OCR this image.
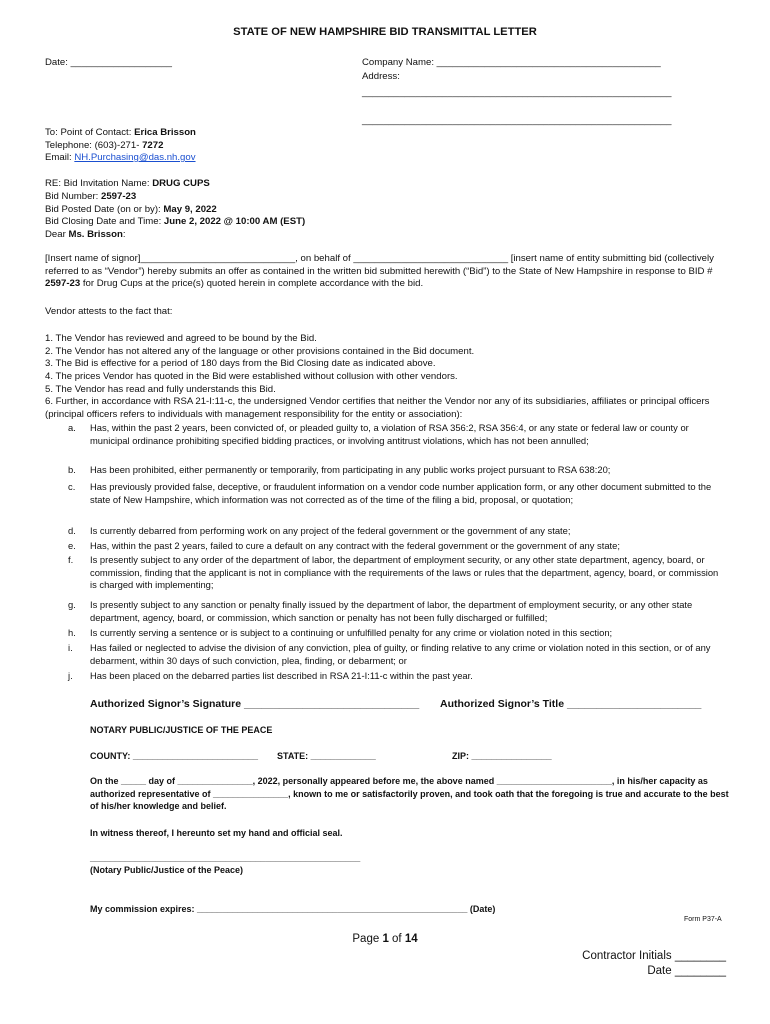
STATE OF NEW HAMPSHIRE BID TRANSMITTAL LETTER
Date: ___________________	Company Name: __________________________________________
Address:
__________________________________________________________
__________________________________________________________
To: Point of Contact: Erica Brisson
Telephone: (603)-271- 7272
Email: NH.Purchasing@das.nh.gov
RE: Bid Invitation Name: DRUG CUPS
Bid Number: 2597-23
Bid Posted Date (on or by): May 9, 2022
Bid Closing Date and Time: June 2, 2022 @ 10:00 AM (EST)
Dear Ms. Brisson:
[Insert name of signor]_____________________________, on behalf of _____________________________ [insert name of entity submitting bid (collectively referred to as “Vendor”) hereby submits an offer as contained in the written bid submitted herewith (“Bid”) to the State of New Hampshire in response to BID # 2597-23 for Drug Cups at the price(s) quoted herein in complete accordance with the bid.
Vendor attests to the fact that:
1. The Vendor has reviewed and agreed to be bound by the Bid.
2. The Vendor has not altered any of the language or other provisions contained in the Bid document.
3. The Bid is effective for a period of 180 days from the Bid Closing date as indicated above.
4. The prices Vendor has quoted in the Bid were established without collusion with other vendors.
5. The Vendor has read and fully understands this Bid.
6. Further, in accordance with RSA 21-I:11-c, the undersigned Vendor certifies that neither the Vendor nor any of its subsidiaries, affiliates or principal officers (principal officers refers to individuals with management responsibility for the entity or association):
a.	Has, within the past 2 years, been convicted of, or pleaded guilty to, a violation of RSA 356:2, RSA 356:4, or any state or federal law or county or municipal ordinance prohibiting specified bidding practices, or involving antitrust violations, which has not been annulled;
b.	Has been prohibited, either permanently or temporarily, from participating in any public works project pursuant to RSA 638:20;
c.	Has previously provided false, deceptive, or fraudulent information on a vendor code number application form, or any other document submitted to the state of New Hampshire, which information was not corrected as of the time of the filing a bid, proposal, or quotation;
d.	Is currently debarred from performing work on any project of the federal government or the government of any state;
e.	Has, within the past 2 years, failed to cure a default on any contract with the federal government or the government of any state;
f.	Is presently subject to any order of the department of labor, the department of employment security, or any other state department, agency, board, or commission, finding that the applicant is not in compliance with the requirements of the laws or rules that the department, agency, board, or commission is charged with implementing;
g.	Is presently subject to any sanction or penalty finally issued by the department of labor, the department of employment security, or any other state department, agency, board, or commission, which sanction or penalty has not been fully discharged or fulfilled;
h.	Is currently serving a sentence or is subject to a continuing or unfulfilled penalty for any crime or violation noted in this section;
i.	Has failed or neglected to advise the division of any conviction, plea of guilty, or finding relative to any crime or violation noted in this section, or of any debarment, within 30 days of such conviction, plea, finding, or debarment; or
j.	Has been placed on the debarred parties list described in RSA 21-I:11-c within the past year.
Authorized Signor’s Signature ______________________________ Authorized Signor’s Title _______________________
NOTARY PUBLIC/JUSTICE OF THE PEACE
COUNTY: _________________________ STATE: _____________	ZIP: ________________
On the _____ day of _______________, 2022, personally appeared before me, the above named _______________________, in his/her capacity as authorized representative of _______________, known to me or satisfactorily proven, and took oath that the foregoing is true and accurate to the best of his/her knowledge and belief.
In witness thereof, I hereunto set my hand and official seal.
______________________________________________________
(Notary Public/Justice of the Peace)
My commission expires: ______________________________________________________ (Date)
Form P37-A
Page 1 of 14
Contractor Initials ________
Date ________
